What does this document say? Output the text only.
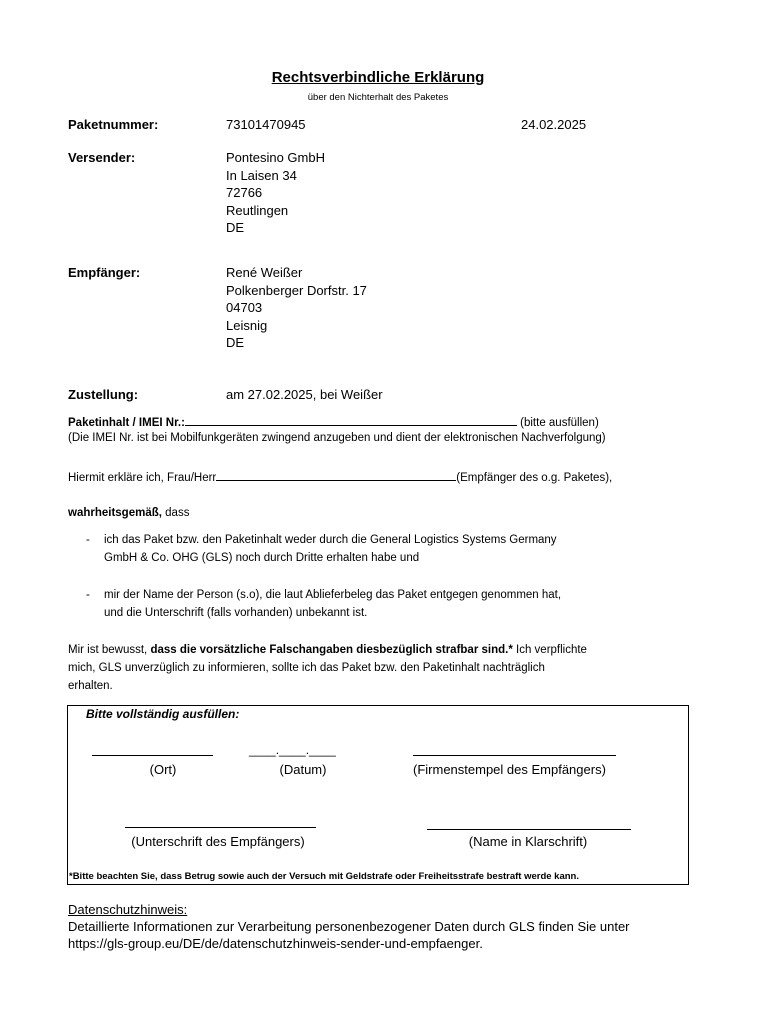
Rechtsverbindliche Erklärung
über den Nichterhalt des Paketes
Paketnummer:	73101470945	24.02.2025
Versender:	Pontesino GmbH
In Laisen 34
72766
Reutlingen
DE
Empfänger:	René Weißer
Polkenberger Dorfstr. 17
04703
Leisnig
DE
Zustellung:	am 27.02.2025, bei Weißer
Paketinhalt / IMEI Nr.:	(bitte ausfüllen)
(Die IMEI Nr. ist bei Mobilfunkgeräten zwingend anzugeben und dient der elektronischen Nachverfolgung)
Hiermit erkläre ich, Frau/Herr	(Empfänger des o.g. Paketes),
wahrheitsgemäß, dass
- ich das Paket bzw. den Paketinhalt weder durch die General Logistics Systems Germany
GmbH & Co. OHG (GLS) noch durch Dritte erhalten habe und
- mir der Name der Person (s.o), die laut Ablieferbeleg das Paket entgegen genommen hat,
und die Unterschrift (falls vorhanden) unbekannt ist.
Mir ist bewusst, dass die vorsätzliche Falschangaben diesbezüglich strafbar sind.* Ich verpflichte
mich, GLS unverzüglich zu informieren, sollte ich das Paket bzw. den Paketinhalt nachträglich
erhalten.
Bitte vollständig ausfüllen:
____.____.____
(Ort)	(Datum)	(Firmenstempel des Empfängers)
(Unterschrift des Empfängers)	(Name in Klarschrift)
*Bitte beachten Sie, dass Betrug sowie auch der Versuch mit Geldstrafe oder Freiheitsstrafe bestraft werde kann.
Datenschutzhinweis:
Detaillierte Informationen zur Verarbeitung personenbezogener Daten durch GLS finden Sie unter
https://gls-group.eu/DE/de/datenschutzhinweis-sender-und-empfaenger.
